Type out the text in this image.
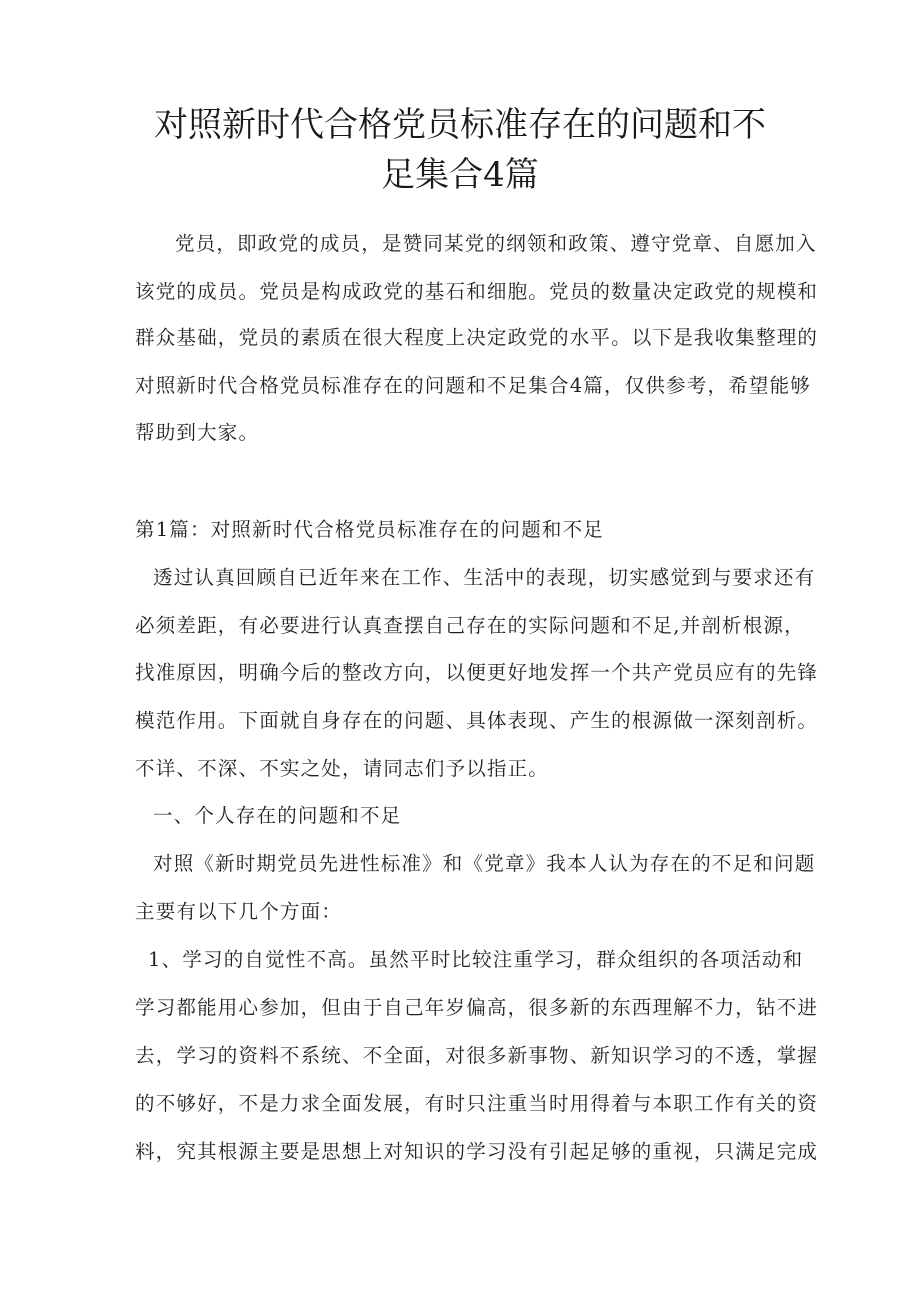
对照新时代合格党员标准存在的问题和不
足集合4篇
党员，即政党的成员，是赞同某党的纲领和政策、遵守党章、自愿加入
该党的成员。党员是构成政党的基石和细胞。党员的数量决定政党的规模和
群众基础，党员的素质在很大程度上决定政党的水平。以下是我收集整理的
对照新时代合格党员标准存在的问题和不足集合4篇，仅供参考，希望能够
帮助到大家。
第1篇：对照新时代合格党员标准存在的问题和不足
透过认真回顾自已近年来在工作、生活中的表现，切实感觉到与要求还有
必须差距，有必要进行认真查摆自己存在的实际问题和不足,并剖析根源，
找准原因，明确今后的整改方向，以便更好地发挥一个共产党员应有的先锋
模范作用。下面就自身存在的问题、具体表现、产生的根源做一深刻剖析。
不详、不深、不实之处，请同志们予以指正。
一、个人存在的问题和不足
对照《新时期党员先进性标准》和《党章》我本人认为存在的不足和问题
主要有以下几个方面：
1、学习的自觉性不高。虽然平时比较注重学习，群众组织的各项活动和
学习都能用心参加，但由于自己年岁偏高，很多新的东西理解不力，钻不进
去，学习的资料不系统、不全面，对很多新事物、新知识学习的不透，掌握
的不够好，不是力求全面发展，有时只注重当时用得着与本职工作有关的资
料，究其根源主要是思想上对知识的学习没有引起足够的重视，只满足完成
